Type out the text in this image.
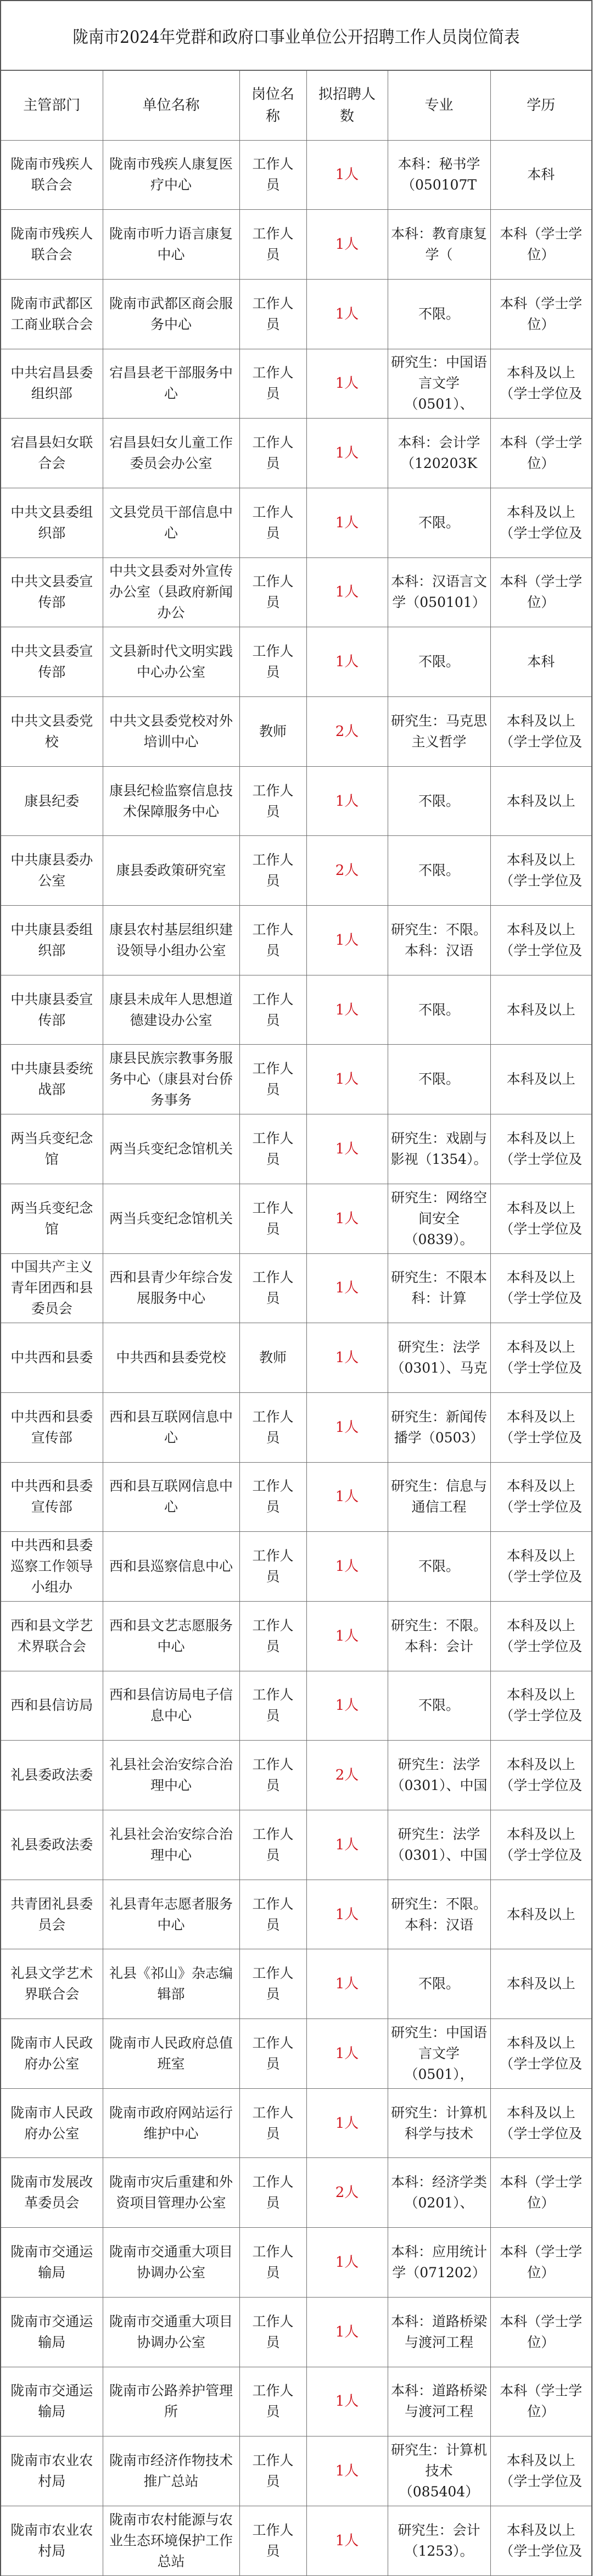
陇南市2024年党群和政府口事业单位公开招聘工作人员岗位简表
主管部门	单位名称	岗位名称	拟招聘人数	专业	学历

陇南市残疾人联合会	陇南市残疾人康复医疗中心	工作人员	1人	本科：秘书学（050107T	本科

陇南市残疾人联合会	陇南市听力语言康复中心	工作人员	1人	本科：教育康复学（	本科（学士学位）

陇南市武都区工商业联合会	陇南市武都区商会服务中心	工作人员	1人	不限。	本科（学士学位）

中共宕昌县委组织部	宕昌县老干部服务中心	工作人员	1人	研究生：中国语言文学（0501）、	本科及以上（学士学位及

宕昌县妇女联合会	宕昌县妇女儿童工作委员会办公室	工作人员	1人	本科：会计学（120203K	本科（学士学位）

中共文县委组织部	文县党员干部信息中心	工作人员	1人	不限。	本科及以上（学士学位及

中共文县委宣传部	中共文县委对外宣传办公室（县政府新闻办公	工作人员	1人	本科：汉语言文学（050101）	本科（学士学位）

中共文县委宣传部	文县新时代文明实践中心办公室	工作人员	1人	不限。	本科

中共文县委党校	中共文县委党校对外培训中心	教师	2人	研究生：马克思主义哲学	本科及以上（学士学位及

康县纪委	康县纪检监察信息技术保障服务中心	工作人员	1人	不限。	本科及以上

中共康县委办公室	康县委政策研究室	工作人员	2人	不限。	本科及以上（学士学位及

中共康县委组织部	康县农村基层组织建设领导小组办公室	工作人员	1人	研究生：不限。本科：汉语	本科及以上（学士学位及

中共康县委宣传部	康县未成年人思想道德建设办公室	工作人员	1人	不限。	本科及以上

中共康县委统战部	康县民族宗教事务服务中心（康县对台侨务事务	工作人员	1人	不限。	本科及以上

两当兵变纪念馆	两当兵变纪念馆机关	工作人员	1人	研究生：戏剧与影视（1354）。	本科及以上（学士学位及

两当兵变纪念馆	两当兵变纪念馆机关	工作人员	1人	研究生：网络空间安全（0839）。	本科及以上（学士学位及

中国共产主义青年团西和县委员会	西和县青少年综合发展服务中心	工作人员	1人	研究生：不限本科：计算	本科及以上（学士学位及

中共西和县委	中共西和县委党校	教师	1人	研究生：法学（0301）、马克	本科及以上（学士学位及

中共西和县委宣传部	西和县互联网信息中心	工作人员	1人	研究生：新闻传播学（0503）	本科及以上（学士学位及

中共西和县委宣传部	西和县互联网信息中心	工作人员	1人	研究生：信息与通信工程	本科及以上（学士学位及

中共西和县委巡察工作领导小组办	西和县巡察信息中心	工作人员	1人	不限。	本科及以上（学士学位及

西和县文学艺术界联合会	西和县文艺志愿服务中心	工作人员	1人	研究生：不限。本科：会计	本科及以上（学士学位及

西和县信访局	西和县信访局电子信息中心	工作人员	1人	不限。	本科及以上（学士学位及

礼县委政法委	礼县社会治安综合治理中心	工作人员	2人	研究生：法学（0301）、中国	本科及以上（学士学位及

礼县委政法委	礼县社会治安综合治理中心	工作人员	1人	研究生：法学（0301）、中国	本科及以上（学士学位及

共青团礼县委员会	礼县青年志愿者服务中心	工作人员	1人	研究生：不限。本科：汉语	本科及以上

礼县文学艺术界联合会	礼县《祁山》杂志编辑部	工作人员	1人	不限。	本科及以上

陇南市人民政府办公室	陇南市人民政府总值班室	工作人员	1人	研究生：中国语言文学（0501），	本科及以上（学士学位及

陇南市人民政府办公室	陇南市政府网站运行维护中心	工作人员	1人	研究生：计算机科学与技术	本科及以上（学士学位及

陇南市发展改革委员会	陇南市灾后重建和外资项目管理办公室	工作人员	2人	本科：经济学类（0201）、	本科（学士学位）

陇南市交通运输局	陇南市交通重大项目协调办公室	工作人员	1人	本科：应用统计学（071202）	本科（学士学位）

陇南市交通运输局	陇南市交通重大项目协调办公室	工作人员	1人	本科：道路桥梁与渡河工程	本科（学士学位）

陇南市交通运输局	陇南市公路养护管理所	工作人员	1人	本科：道路桥梁与渡河工程	本科（学士学位）

陇南市农业农村局	陇南市经济作物技术推广总站	工作人员	1人	研究生：计算机技术（085404）	本科及以上（学士学位及

陇南市农业农村局	陇南市农村能源与农业生态环境保护工作总站	工作人员	1人	研究生：会计（1253）。	本科及以上（学士学位及
